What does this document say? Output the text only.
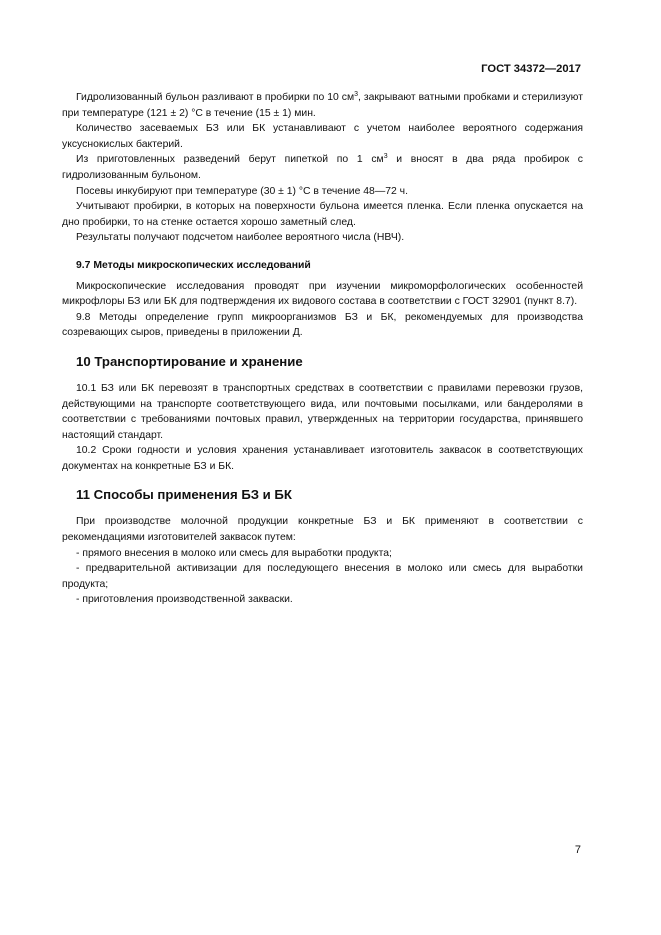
ГОСТ 34372—2017

Гидролизованный бульон разливают в пробирки по 10 $см^3$, закрывают ватными пробками и стерилизуют при температуре (121 ± 2) °С в течение (15 ± 1) мин.

Количество засеваемых БЗ или БК устанавливают с учетом наиболее вероятного содержания уксуснокислых бактерий.

Из приготовленных разведений берут пипеткой по 1 $см^3$ и вносят в два ряда пробирок с гидролизованным бульоном.

Посевы инкубируют при температуре (30 ± 1) °С в течение 48—72 ч.

Учитывают пробирки, в которых на поверхности бульона имеется пленка. Если пленка опускается на дно пробирки, то на стенке остается хорошо заметный след.

Результаты получают подсчетом наиболее вероятного числа (НВЧ).

9.7 Методы микроскопических исследований

Микроскопические исследования проводят при изучении микроморфологических особенностей микрофлоры БЗ или БК для подтверждения их видового состава в соответствии с ГОСТ 32901 (пункт 8.7).

9.8 Методы определение групп микроорганизмов БЗ и БК, рекомендуемых для производства созревающих сыров, приведены в приложении Д.

10 Транспортирование и хранение

10.1 БЗ или БК перевозят в транспортных средствах в соответствии с правилами перевозки грузов, действующими на транспорте соответствующего вида, или почтовыми посылками, или бандеролями в соответствии с требованиями почтовых правил, утвержденных на территории государства, принявшего настоящий стандарт.

10.2 Сроки годности и условия хранения устанавливает изготовитель заквасок в соответствующих документах на конкретные БЗ и БК.

11 Способы применения БЗ и БК

При производстве молочной продукции конкретные БЗ и БК применяют в соответствии с рекомендациями изготовителей заквасок путем:

- прямого внесения в молоко или смесь для выработки продукта;

- предварительной активизации для последующего внесения в молоко или смесь для выработки продукта;

- приготовления производственной закваски.

7
